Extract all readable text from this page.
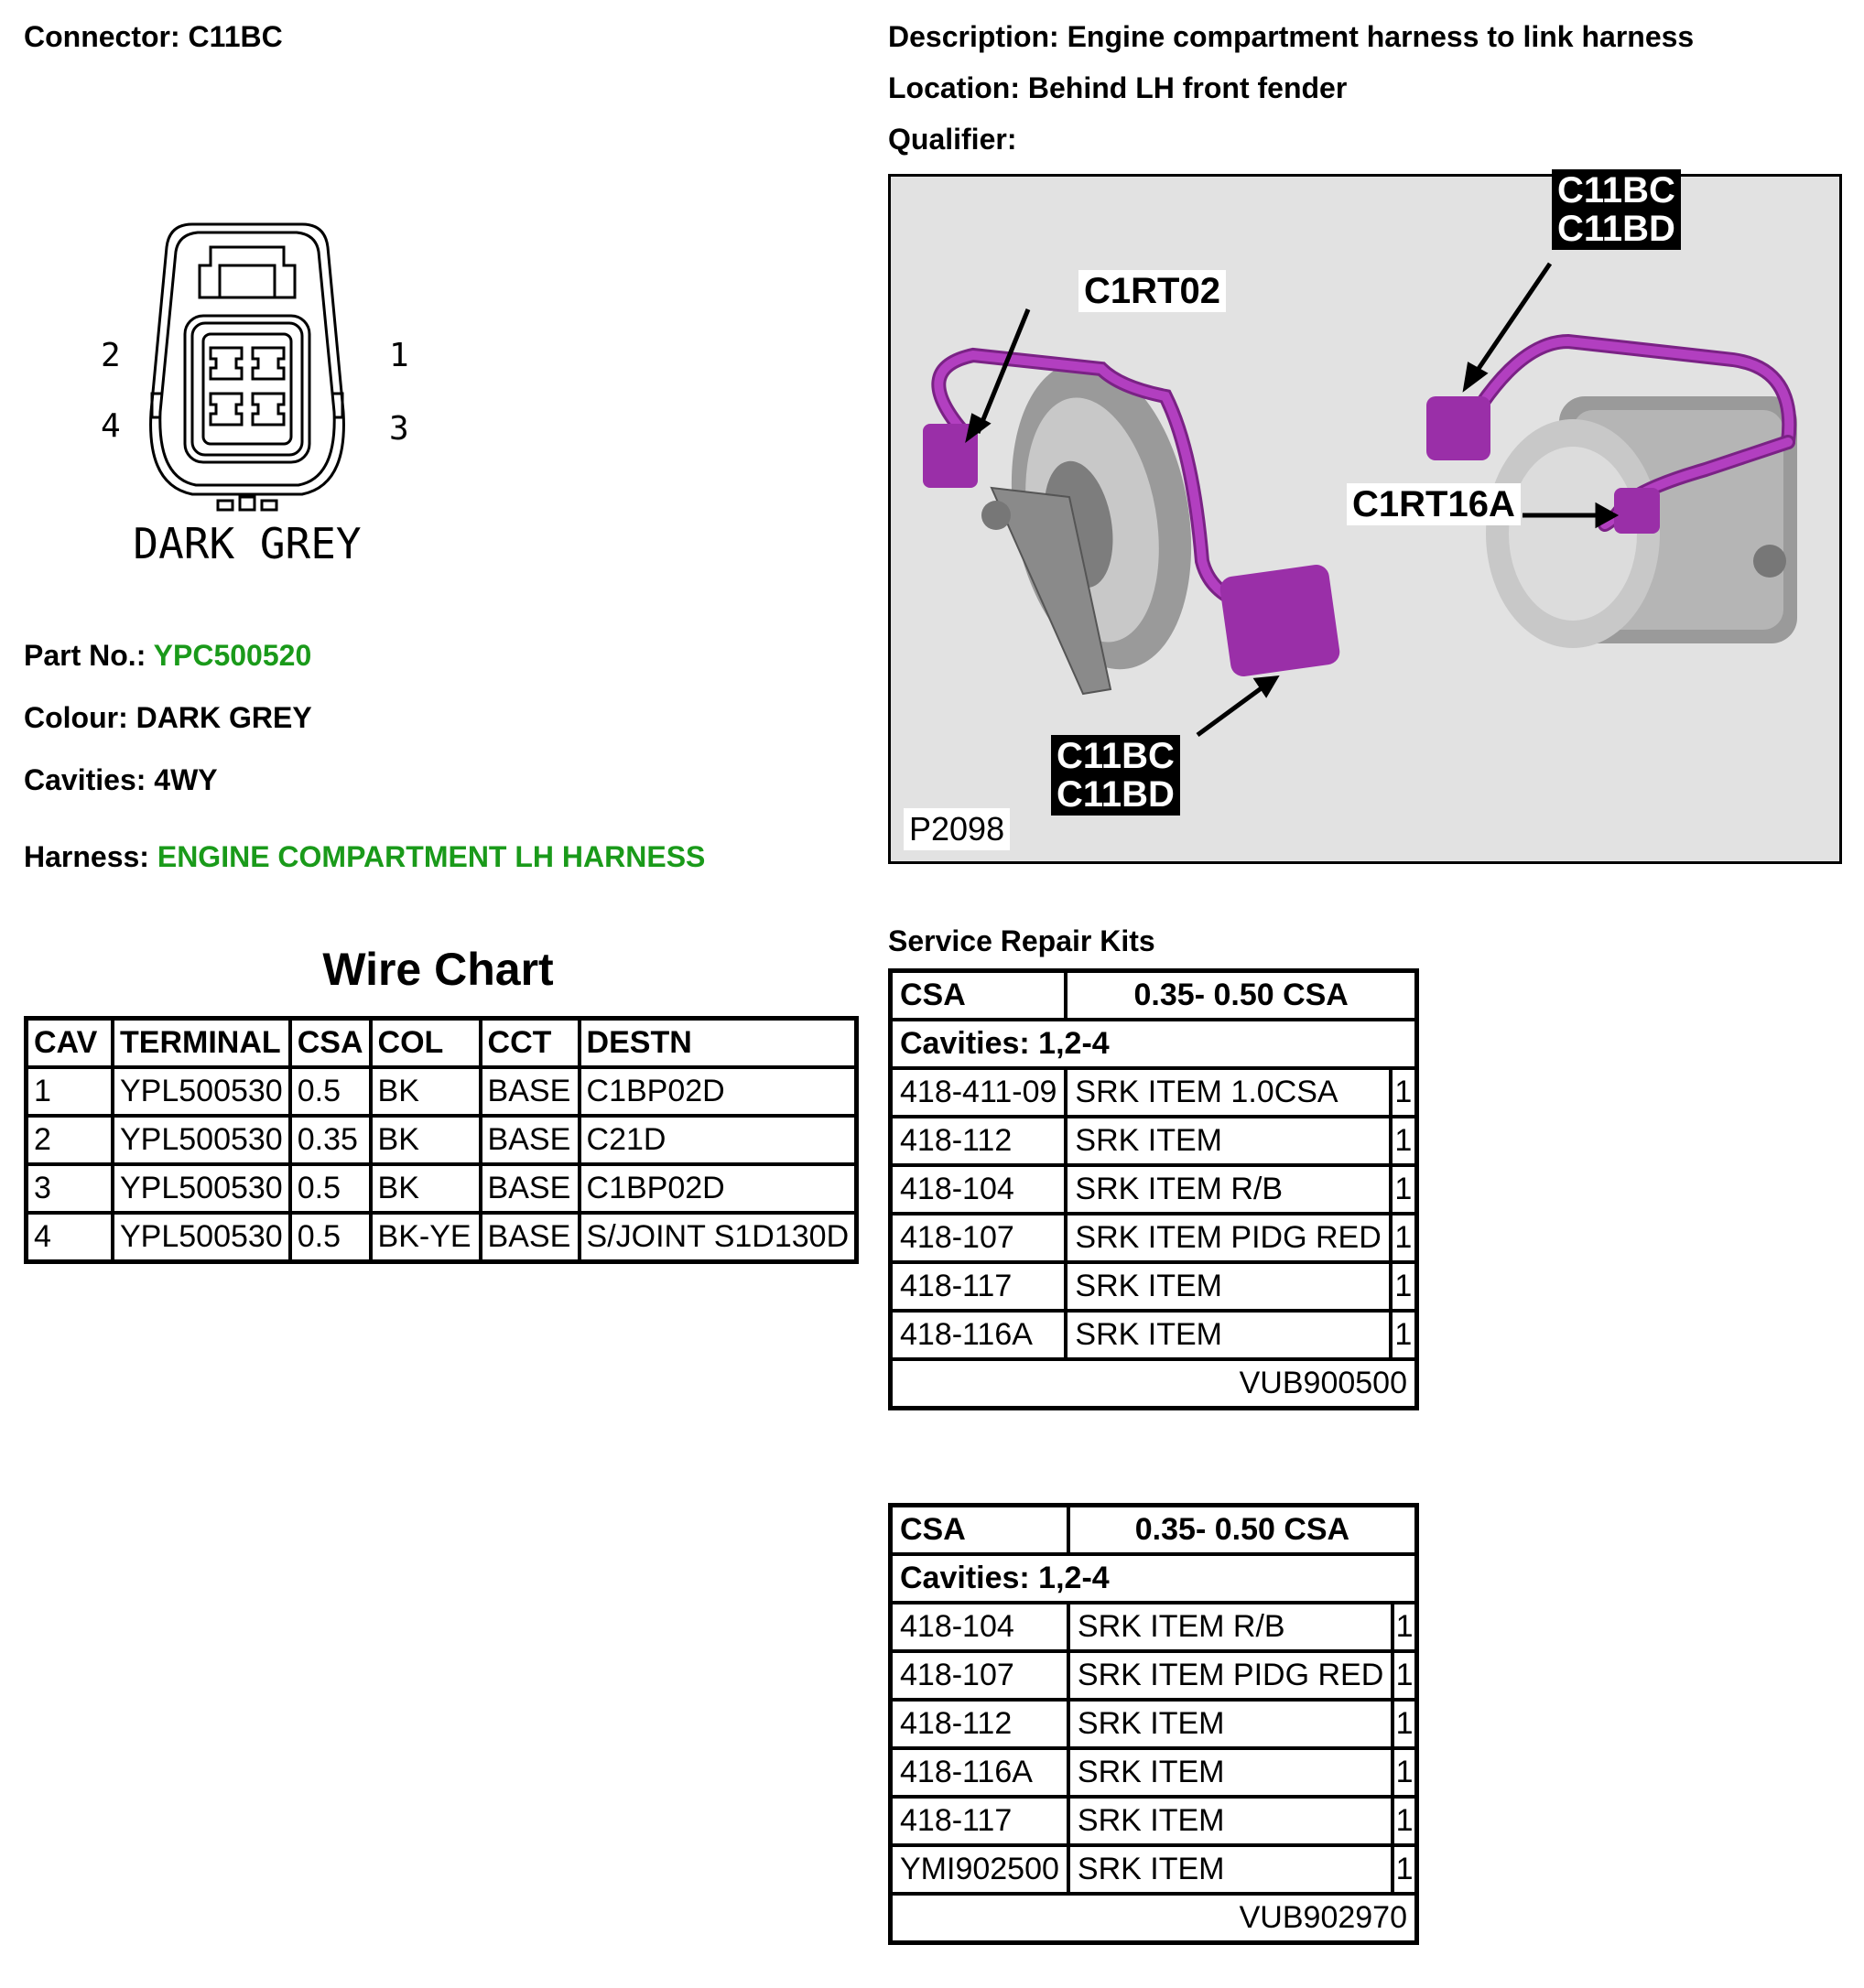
Connector: C11BC	Description: Engine compartment harness to link harness
Location: Behind LH front fender
Qualifier:
2	1
4	3
DARK GREY
Part No.: YPC500520
Colour: DARK GREY
Cavities: 4WY
Harness: ENGINE COMPARTMENT LH HARNESS
Wire Chart
CAV	TERMINAL	CSA	COL	CCT	DESTN
1	YPL500530	0.5	BK	BASE	C1BP02D
2	YPL500530	0.35	BK	BASE	C21D
3	YPL500530	0.5	BK	BASE	C1BP02D
4	YPL500530	0.5	BK-YE	BASE	S/JOINT S1D130D
C11BC
C11BD
C1RT02
C1RT16A
C11BC
C11BD
P2098
Service Repair Kits
CSA	0.35- 0.50 CSA	
Cavities: 1,2-4		
418-411-09	SRK ITEM 1.0CSA	1
418-112	SRK ITEM	1
418-104	SRK ITEM R/B	1
418-107	SRK ITEM PIDG RED	1
418-117	SRK ITEM	1
418-116A	SRK ITEM	1
VUB900500		
CSA	0.35- 0.50 CSA	
Cavities: 1,2-4		
418-104	SRK ITEM R/B	1
418-107	SRK ITEM PIDG RED	1
418-112	SRK ITEM	1
418-116A	SRK ITEM	1
418-117	SRK ITEM	1
YMI902500	SRK ITEM	1
VUB902970		
